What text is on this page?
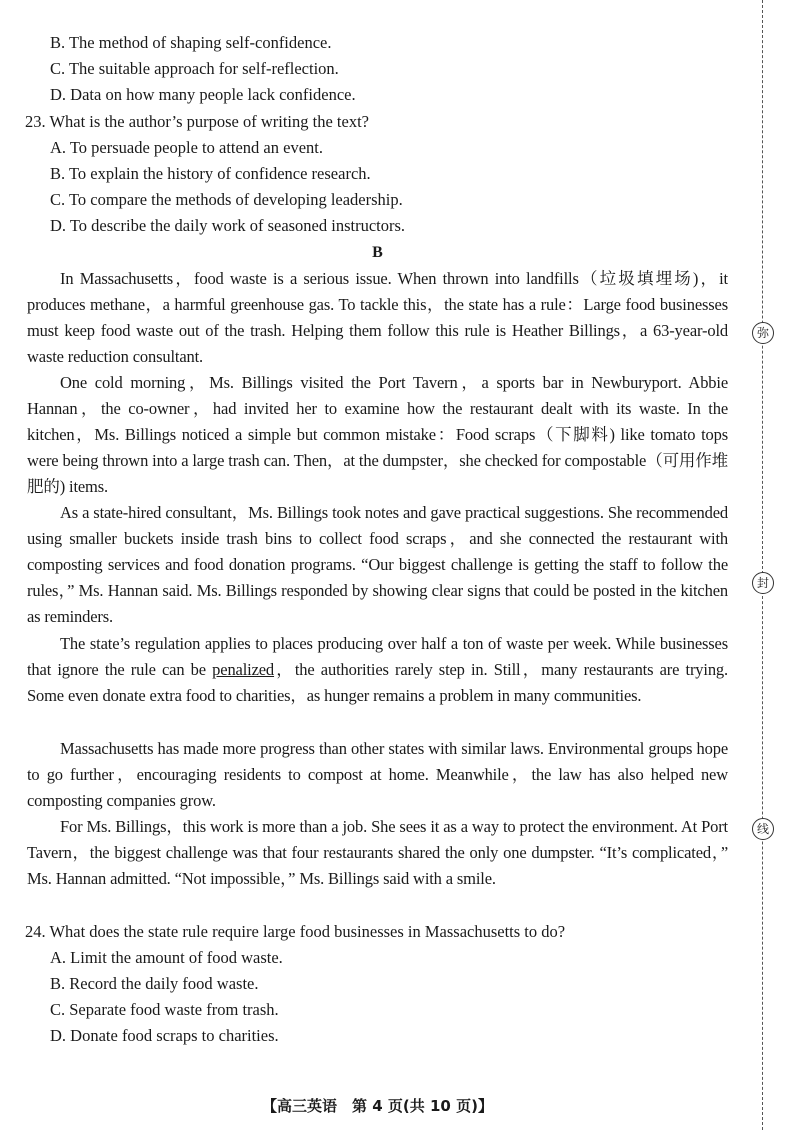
B. The method of shaping self-confidence.
C. The suitable approach for self-reflection.
D. Data on how many people lack confidence.
23. What is the author’s purpose of writing the text?
A. To persuade people to attend an event.
B. To explain the history of confidence research.
C. To compare the methods of developing leadership.
D. To describe the daily work of seasoned instructors.
B
In Massachusetts，food waste is a serious issue. When thrown into landfills（垃圾填埋场)，it produces methane，a harmful greenhouse gas. To tackle this，the state has a rule：Large food businesses must keep food waste out of the trash. Helping them follow this rule is Heather Billings，a 63-year-old waste reduction consultant.
One cold morning，Ms. Billings visited the Port Tavern，a sports bar in Newburyport. Abbie Hannan，the co-owner，had invited her to examine how the restaurant dealt with its waste. In the kitchen，Ms. Billings noticed a simple but common mistake：Food scraps（下脚料) like tomato tops were being thrown into a large trash can. Then，at the dumpster，she checked for compostable（可用作堆肥的) items.
As a state-hired consultant，Ms. Billings took notes and gave practical suggestions. She recommended using smaller buckets inside trash bins to collect food scraps，and she connected the restaurant with composting services and food donation programs. “Our biggest challenge is getting the staff to follow the rules，” Ms. Hannan said. Ms. Billings responded by showing clear signs that could be posted in the kitchen as reminders.
The state’s regulation applies to places producing over half a ton of waste per week. While businesses that ignore the rule can be penalized，the authorities rarely step in. Still，many restaurants are trying. Some even donate extra food to charities，as hunger remains a problem in many communities.
Massachusetts has made more progress than other states with similar laws. Environmental groups hope to go further，encouraging residents to compost at home. Meanwhile，the law has also helped new composting companies grow.
For Ms. Billings，this work is more than a job. She sees it as a way to protect the environment. At Port Tavern，the biggest challenge was that four restaurants shared the only one dumpster. “It’s complicated，” Ms. Hannan admitted. “Not impossible，” Ms. Billings said with a smile.
24. What does the state rule require large food businesses in Massachusetts to do?
A. Limit the amount of food waste.
B. Record the daily food waste.
C. Separate food waste from trash.
D. Donate food scraps to charities.
弥
封
线
【高三英语　第 4 页(共 10 页)】
